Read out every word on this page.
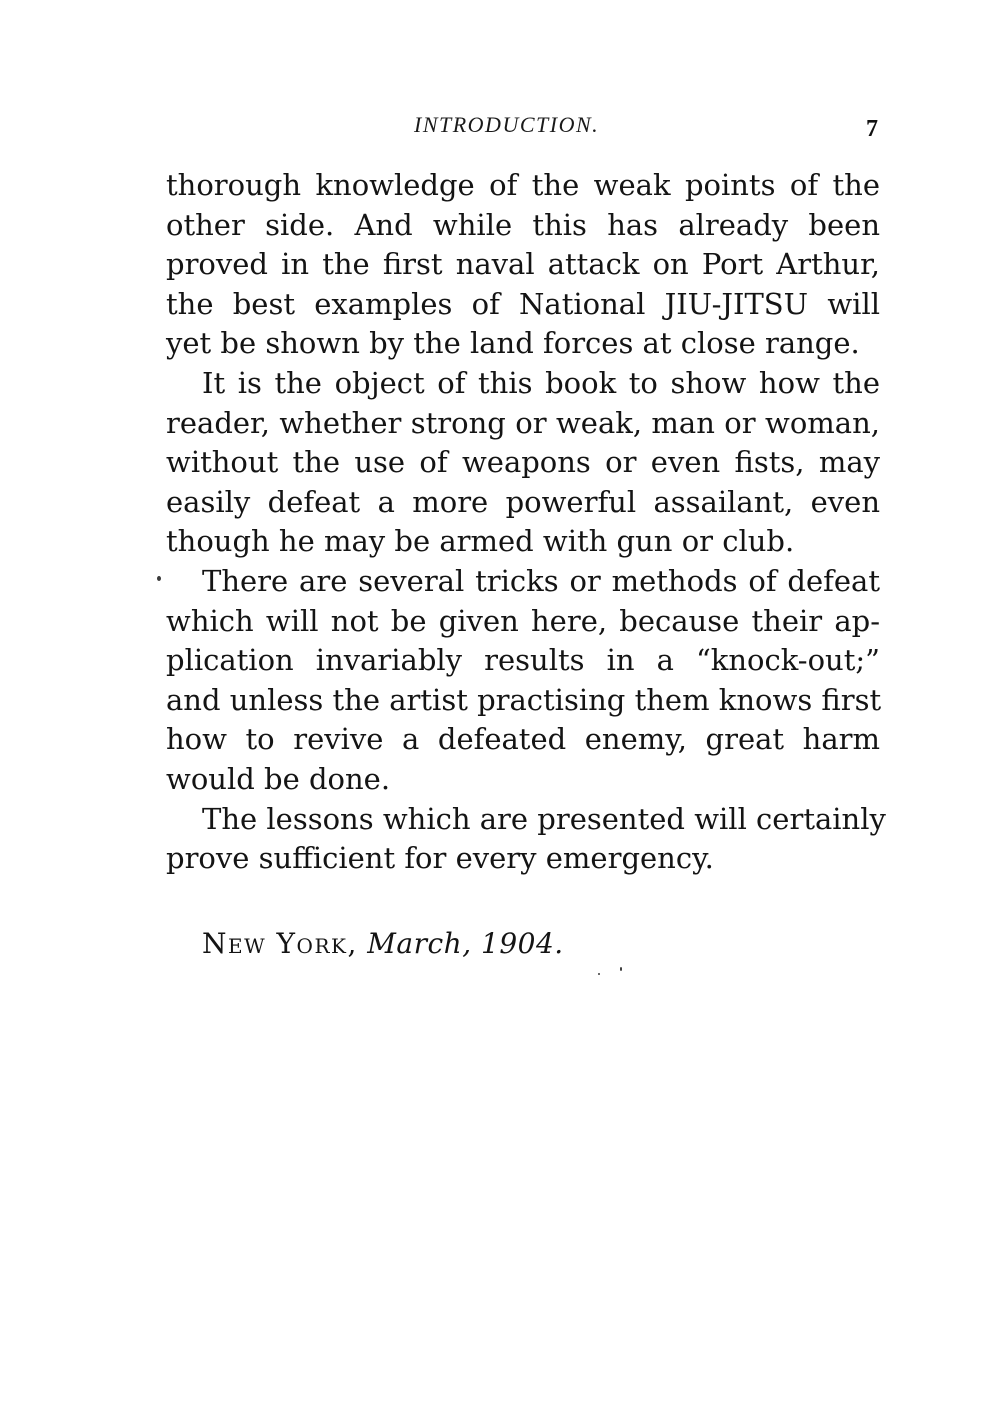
INTRODUCTION.	7
thorough knowledge of the weak points of the
other side. And while this has already been
proved in the first naval attack on Port Arthur,
the best examples of National JIU-JITSU will
yet be shown by the land forces at close range.
It is the object of this book to show how the
reader, whether strong or weak, man or woman,
without the use of weapons or even fists, may
easily defeat a more powerful assailant, even
though he may be armed with gun or club.
There are several tricks or methods of defeat
which will not be given here, because their ap-
plication invariably results in a “knock-out;”
and unless the artist practising them knows first
how to revive a defeated enemy, great harm
would be done.
The lessons which are presented will certainly
prove sufficient for every emergency.
New York, March, 1904.
